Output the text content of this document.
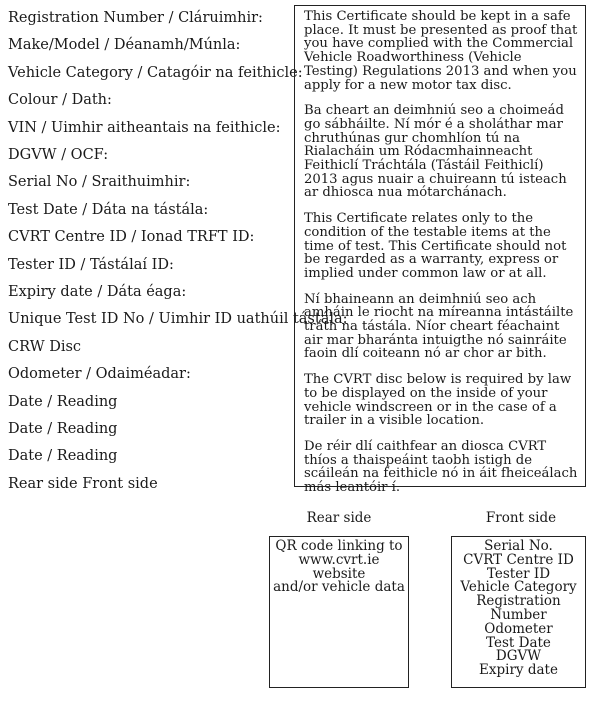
Registration Number / Cláruimhir:
Make/Model / Déanamh/Múnla:
Vehicle Category / Catagóir na feithicle:
Colour / Dath:
VIN / Uimhir aitheantais na feithicle:
DGVW / OCF:
Serial No / Sraithuimhir:
Test Date / Dáta na tástála:
CVRT Centre ID / Ionad TRFT ID:
Tester ID / Tástálaí ID:
Expiry date / Dáta éaga:
Unique Test ID No / Uimhir ID uathúil tástála:
CRW Disc
Odometer / Odaiméadar:
Date / Reading
Date / Reading
Date / Reading
Rear side Front side

This Certificate should be kept in a safe place. It must be presented as proof that you have complied with the Commercial Vehicle Roadworthiness (Vehicle Testing) Regulations 2013 and when you apply for a new motor tax disc.

Ba cheart an deimhniú seo a choimeád go sábháilte. Ní mór é a sholáthar mar chruthúnas gur chomhlíon tú na Rialacháin um Ródacmhainneacht Feithiclí Tráchtála (Tástáil Feithiclí) 2013 agus nuair a chuireann tú isteach ar dhiosca nua mótarchánach.

This Certificate relates only to the condition of the testable items at the time of test. This Certificate should not be regarded as a warranty, express or implied under common law or at all.

Ní bhaineann an deimhniú seo ach amháin le riocht na míreanna intástáilte tráth na tástála. Níor cheart féachaint air mar bharánta intuigthe nó sainráite faoin dlí coiteann nó ar chor ar bith.

The CVRT disc below is required by law to be displayed on the inside of your vehicle windscreen or in the case of a trailer in a visible location.

De réir dlí caithfear an diosca CVRT thíos a thaispeáint taobh istigh de scáileán na feithicle nó in áit fheiceálach más leantóir í.

Rear side	Front side
QR code linking to
www.cvrt.ie website
and/or vehicle data
Serial No.
CVRT Centre ID
Tester ID
Vehicle Category
Registration
Number
Odometer
Test Date
DGVW
Expiry date
